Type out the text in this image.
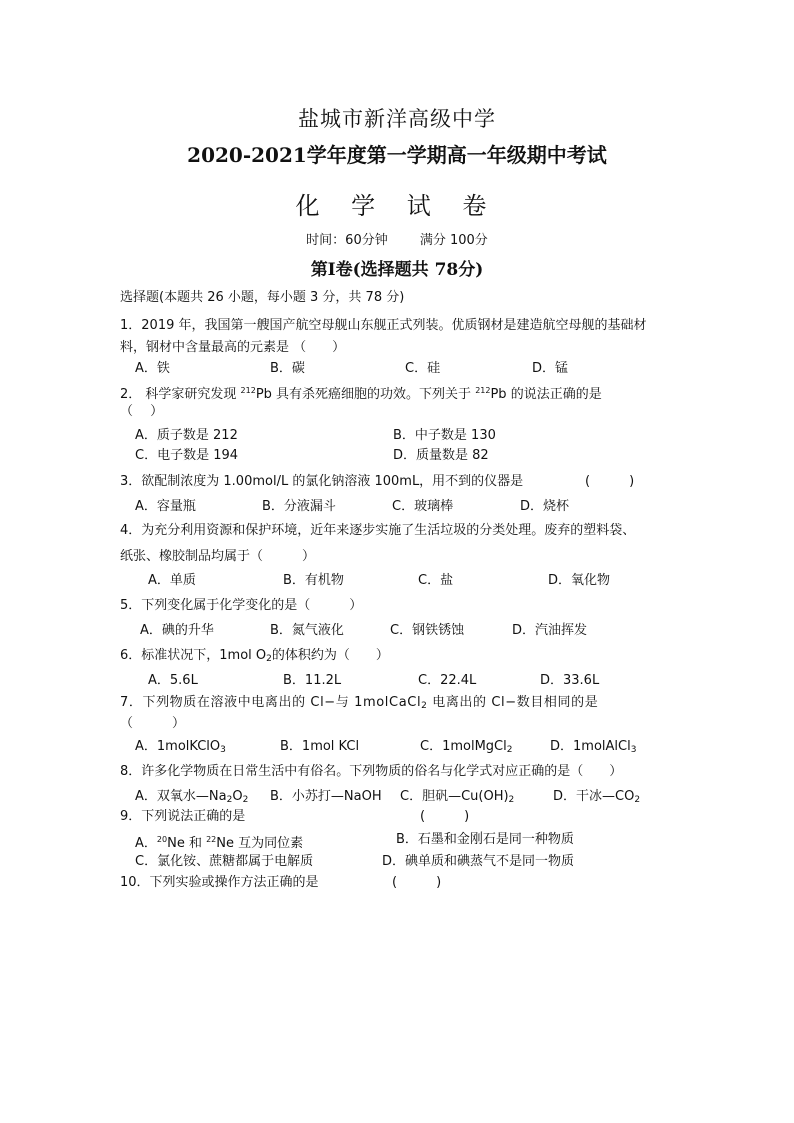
盐城市新洋高级中学
2020-2021学年度第一学期高一年级期中考试
化 学 试 卷
时间：60分钟 满分 100分
第Ⅰ卷(选择题共 78分)
选择题(本题共 26 小题，每小题 3 分，共 78 分)
1．2019 年，我国第一艘国产航空母舰山东舰正式列装。优质钢材是建造航空母舰的基础材
料，钢材中含量最高的元素是 （　　）
A．铁	B．碳	C．硅	D．锰
2． 科学家研究发现 $^{212}$Pb 具有杀死癌细胞的功效。下列关于 $^{212}$Pb 的说法正确的是
（　 ）
A．质子数是 212	B．中子数是 130
C．电子数是 194	D．质量数是 82
3．欲配制浓度为 1.00mol/L 的氯化钠溶液 100mL，用不到的仪器是	(　　　)
A．容量瓶	B．分液漏斗	C．玻璃棒	D．烧杯
4．为充分利用资源和保护环境，近年来逐步实施了生活垃圾的分类处理。废弃的塑料袋、
纸张、橡胶制品均属于（　　　）
A．单质	B．有机物	C．盐	D．氧化物
5．下列变化属于化学变化的是（　　　）
A．碘的升华	B．氮气液化	C．钢铁锈蚀	D．汽油挥发
6．标准状况下，1mol $O_2$的体积约为（　　）
A．5.6L	B．11.2L	C．22.4L	D．33.6L
7．下列物质在溶液中电离出的 Cl−与 1molCaCl$_2$ 电离出的 Cl−数目相同的是
（　　　）
A．1molKClO$_3$	B．1mol KCl	C．1molMgCl$_2$	D．1molAlCl$_3$
8．许多化学物质在日常生活中有俗名。下列物质的俗名与化学式对应正确的是（　　）
A．双氧水$—Na_2O_2$ B．小苏打—NaOH C．胆矾$—Cu(OH)_2$	D．干冰$—CO_2$
9．下列说法正确的是	(　　　)
A．$^{20}$Ne 和 $^{22}$Ne 互为同位素	B．石墨和金刚石是同一种物质
C．氯化铵、蔗糖都属于电解质	D．碘单质和碘蒸气不是同一物质
10．下列实验或操作方法正确的是	(　　　)
